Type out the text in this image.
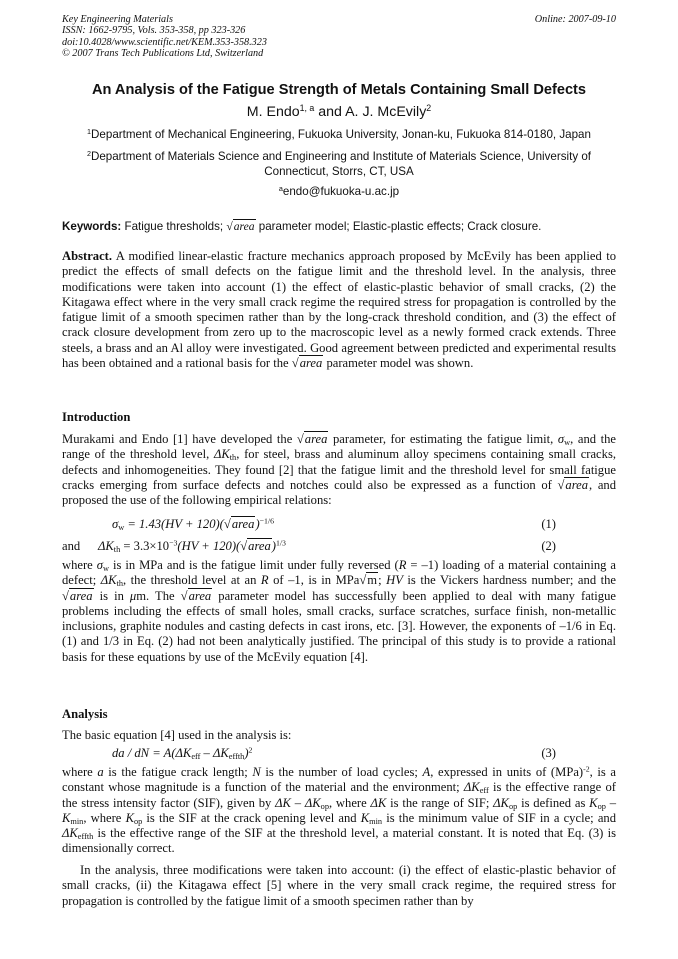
Key Engineering Materials
ISSN: 1662-9795, Vols. 353-358, pp 323-326
doi:10.4028/www.scientific.net/KEM.353-358.323
© 2007 Trans Tech Publications Ltd, Switzerland
Online: 2007-09-10
An Analysis of the Fatigue Strength of Metals Containing Small Defects
M. Endo$^{1, a}$ and A. J. McEvily$^2$
$^1$Department of Mechanical Engineering, Fukuoka University, Jonan-ku, Fukuoka 814-0180, Japan
$^2$Department of Materials Science and Engineering and Institute of Materials Science, University of
Connecticut, Storrs, CT, USA
$^a$endo@fukuoka-u.ac.jp
Keywords: Fatigue thresholds; √area parameter model; Elastic-plastic effects; Crack closure.
Abstract. A modified linear-elastic fracture mechanics approach proposed by McEvily has been applied to predict the effects of small defects on the fatigue limit and the threshold level. In the analysis, three modifications were taken into account (1) the effect of elastic-plastic behavior of small cracks, (2) the Kitagawa effect where in the very small crack regime the required stress for propagation is controlled by the fatigue limit of a smooth specimen rather than by the long-crack threshold condition, and (3) the effect of crack closure development from zero up to the macroscopic level as a newly formed crack extends. Three steels, a brass and an Al alloy were investigated. Good agreement between predicted and experimental results has been obtained and a rational basis for the √area parameter model was shown.
Introduction
Murakami and Endo [1] have developed the √area parameter, for estimating the fatigue limit, $\sigma_w$, and the range of the threshold level, $\Delta K_{th}$, for steel, brass and aluminum alloy specimens containing small cracks, defects and inhomogeneities. They found [2] that the fatigue limit and the threshold level for small fatigue cracks emerging from surface defects and notches could also be expressed as a function of √area, and proposed the use of the following empirical relations:
$\sigma_w = 1.43(HV$ + 120)(√area)$^{-1/6}$	(1)
and $\Delta K_{th} = 3.3\times 10^{-3}(HV$ + 120)(√area)$^{1/3}$	(2)
where $\sigma_w$ is in MPa and is the fatigue limit under fully reversed (R = –1) loading of a material containing a defect; $\Delta K_{th}$, the threshold level at an R of –1, is in MPa√m; HV is the Vickers hardness number; and the √area is in μm. The √area parameter model has successfully been applied to deal with many fatigue problems including the effects of small holes, small cracks, surface scratches, surface finish, non-metallic inclusions, graphite nodules and casting defects in cast irons, etc. [3]. However, the exponents of –1/6 in Eq. (1) and 1/3 in Eq. (2) had not been analytically justified. The principal of this study is to provide a rational basis for these equations by use of the McEvily equation [4].
Analysis
The basic equation [4] used in the analysis is:
da / dN = $A(\Delta K_{eff} - \Delta K_{effth})^2$	(3)
where a is the fatigue crack length; N is the number of load cycles; A, expressed in units of (MPa)$^{-2}$, is a constant whose magnitude is a function of the material and the environment; $\Delta K_{eff}$ is the effective range of the stress intensity factor (SIF), given by ΔK – $\Delta K_{op}$, where ΔK is the range of SIF; $\Delta K_{op}$ is defined as $K_{op} - K_{min}$, where $K_{op}$ is the SIF at the crack opening level and $K_{min}$ is the minimum value of SIF in a cycle; and $\Delta K_{effth}$ is the effective range of the SIF at the threshold level, a material constant. It is noted that Eq. (3) is dimensionally correct.
In the analysis, three modifications were taken into account: (i) the effect of elastic-plastic behavior of small cracks, (ii) the Kitagawa effect [5] where in the very small crack regime, the required stress for propagation is controlled by the fatigue limit of a smooth specimen rather than by
